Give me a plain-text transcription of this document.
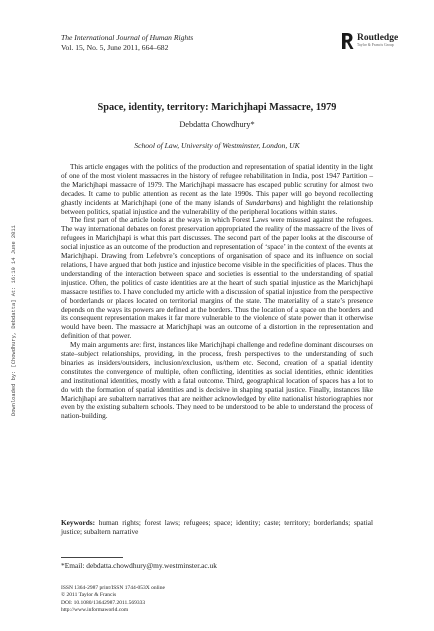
The International Journal of Human Rights
Vol. 15, No. 5, June 2011, 664–682
Routledge
Taylor & Francis Group
Space, identity, territory: Marichjhapi Massacre, 1979
Debdatta Chowdhury*
School of Law, University of Westminster, London, UK
Downloaded by: [Chowdhury, Debdatta] At: 16:19 14 June 2011

This article engages with the politics of the production and representation of spatial identity in the light of one of the most violent massacres in the history of refugee rehabilitation in India, post 1947 Partition – the Marichjhapi massacre of 1979. The Marichjhapi massacre has escaped public scrutiny for almost two decades. It came to public attention as recent as the late 1990s. This paper will go beyond recollecting ghastly incidents at Marichjhapi (one of the many islands of Sundarbans) and highlight the relationship between politics, spatial injustice and the vulnerability of the peripheral locations within states.

The first part of the article looks at the ways in which Forest Laws were misused against the refugees. The way international debates on forest preservation appropriated the reality of the massacre of the lives of refugees in Marichjhapi is what this part discusses. The second part of the paper looks at the discourse of social injustice as an outcome of the production and representation of ‘space’ in the context of the events at Marichjhapi. Drawing from Lefebvre’s conceptions of organisation of space and its influence on social relations, I have argued that both justice and injustice become visible in the specificities of places. Thus the understanding of the interaction between space and societies is essential to the understanding of spatial injustice. Often, the politics of caste identities are at the heart of such spatial injustice as the Marichjhapi massacre testifies to. I have concluded my article with a discussion of spatial injustice from the perspective of borderlands or places located on territorial margins of the state. The materiality of a state’s presence depends on the ways its powers are defined at the borders. Thus the location of a space on the borders and its consequent representation makes it far more vulnerable to the violence of state power than it otherwise would have been. The massacre at Marichjhapi was an outcome of a distortion in the representation and definition of that power.

My main arguments are: first, instances like Marichjhapi challenge and redefine dominant discourses on state–subject relationships, providing, in the process, fresh perspectives to the understanding of such binaries as insiders/outsiders, inclusion/exclusion, us/them etc. Second, creation of a spatial identity constitutes the convergence of multiple, often conflicting, identities as social identities, ethnic identities and institutional identities, mostly with a fatal outcome. Third, geographical location of spaces has a lot to do with the formation of spatial identities and is decisive in shaping spatial justice. Finally, instances like Marichjhapi are subaltern narratives that are neither acknowledged by elite nationalist historiographies nor even by the existing subaltern schools. They need to be understood to be able to understand the process of nation-building.

Keywords: human rights; forest laws; refugees; space; identity; caste; territory; borderlands; spatial justice; subaltern narrative
*Email: debdatta.chowdhury@my.westminster.ac.uk
ISSN 1364-2987 print/ISSN 1744-053X online
© 2011 Taylor & Francis
DOI: 10.1080/13642987.2011.569333
http://www.informaworld.com
